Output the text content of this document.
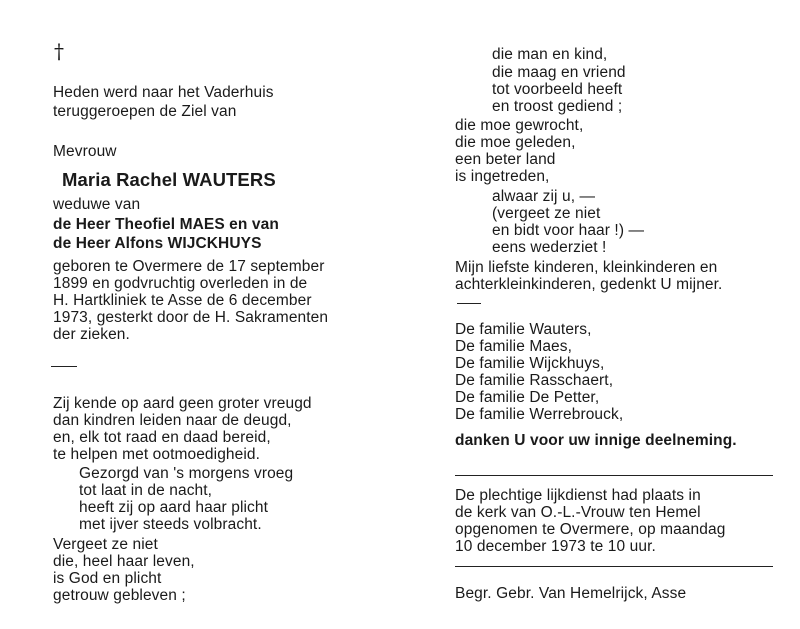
†
Heden werd naar het Vaderhuis
teruggeroepen de Ziel van
Mevrouw
Maria Rachel WAUTERS
weduwe van
de Heer Theofiel MAES en van
de Heer Alfons WIJCKHUYS
geboren te Overmere de 17 september
1899 en godvruchtig overleden in de
H. Hartkliniek te Asse de 6 december
1973, gesterkt door de H. Sakramenten
der zieken.
Zij kende op aard geen groter vreugd
dan kindren leiden naar de deugd,
en, elk tot raad en daad bereid,
te helpen met ootmoedigheid.
Gezorgd van 's morgens vroeg
tot laat in de nacht,
heeft zij op aard haar plicht
met ijver steeds volbracht.
Vergeet ze niet
die, heel haar leven,
is God en plicht
getrouw gebleven ;
die man en kind,
die maag en vriend
tot voorbeeld heeft
en troost gediend ;
die moe gewrocht,
die moe geleden,
een beter land
is ingetreden,
alwaar zij u, —
(vergeet ze niet
en bidt voor haar !) —
eens wederziet !
Mijn liefste kinderen, kleinkinderen en
achterkleinkinderen, gedenkt U mijner.
De familie Wauters,
De familie Maes,
De familie Wijckhuys,
De familie Rasschaert,
De familie De Petter,
De familie Werrebrouck,
danken U voor uw innige deelneming.
De plechtige lijkdienst had plaats in
de kerk van O.-L.-Vrouw ten Hemel
opgenomen te Overmere, op maandag
10 december 1973 te 10 uur.
Begr. Gebr. Van Hemelrijck, Asse
